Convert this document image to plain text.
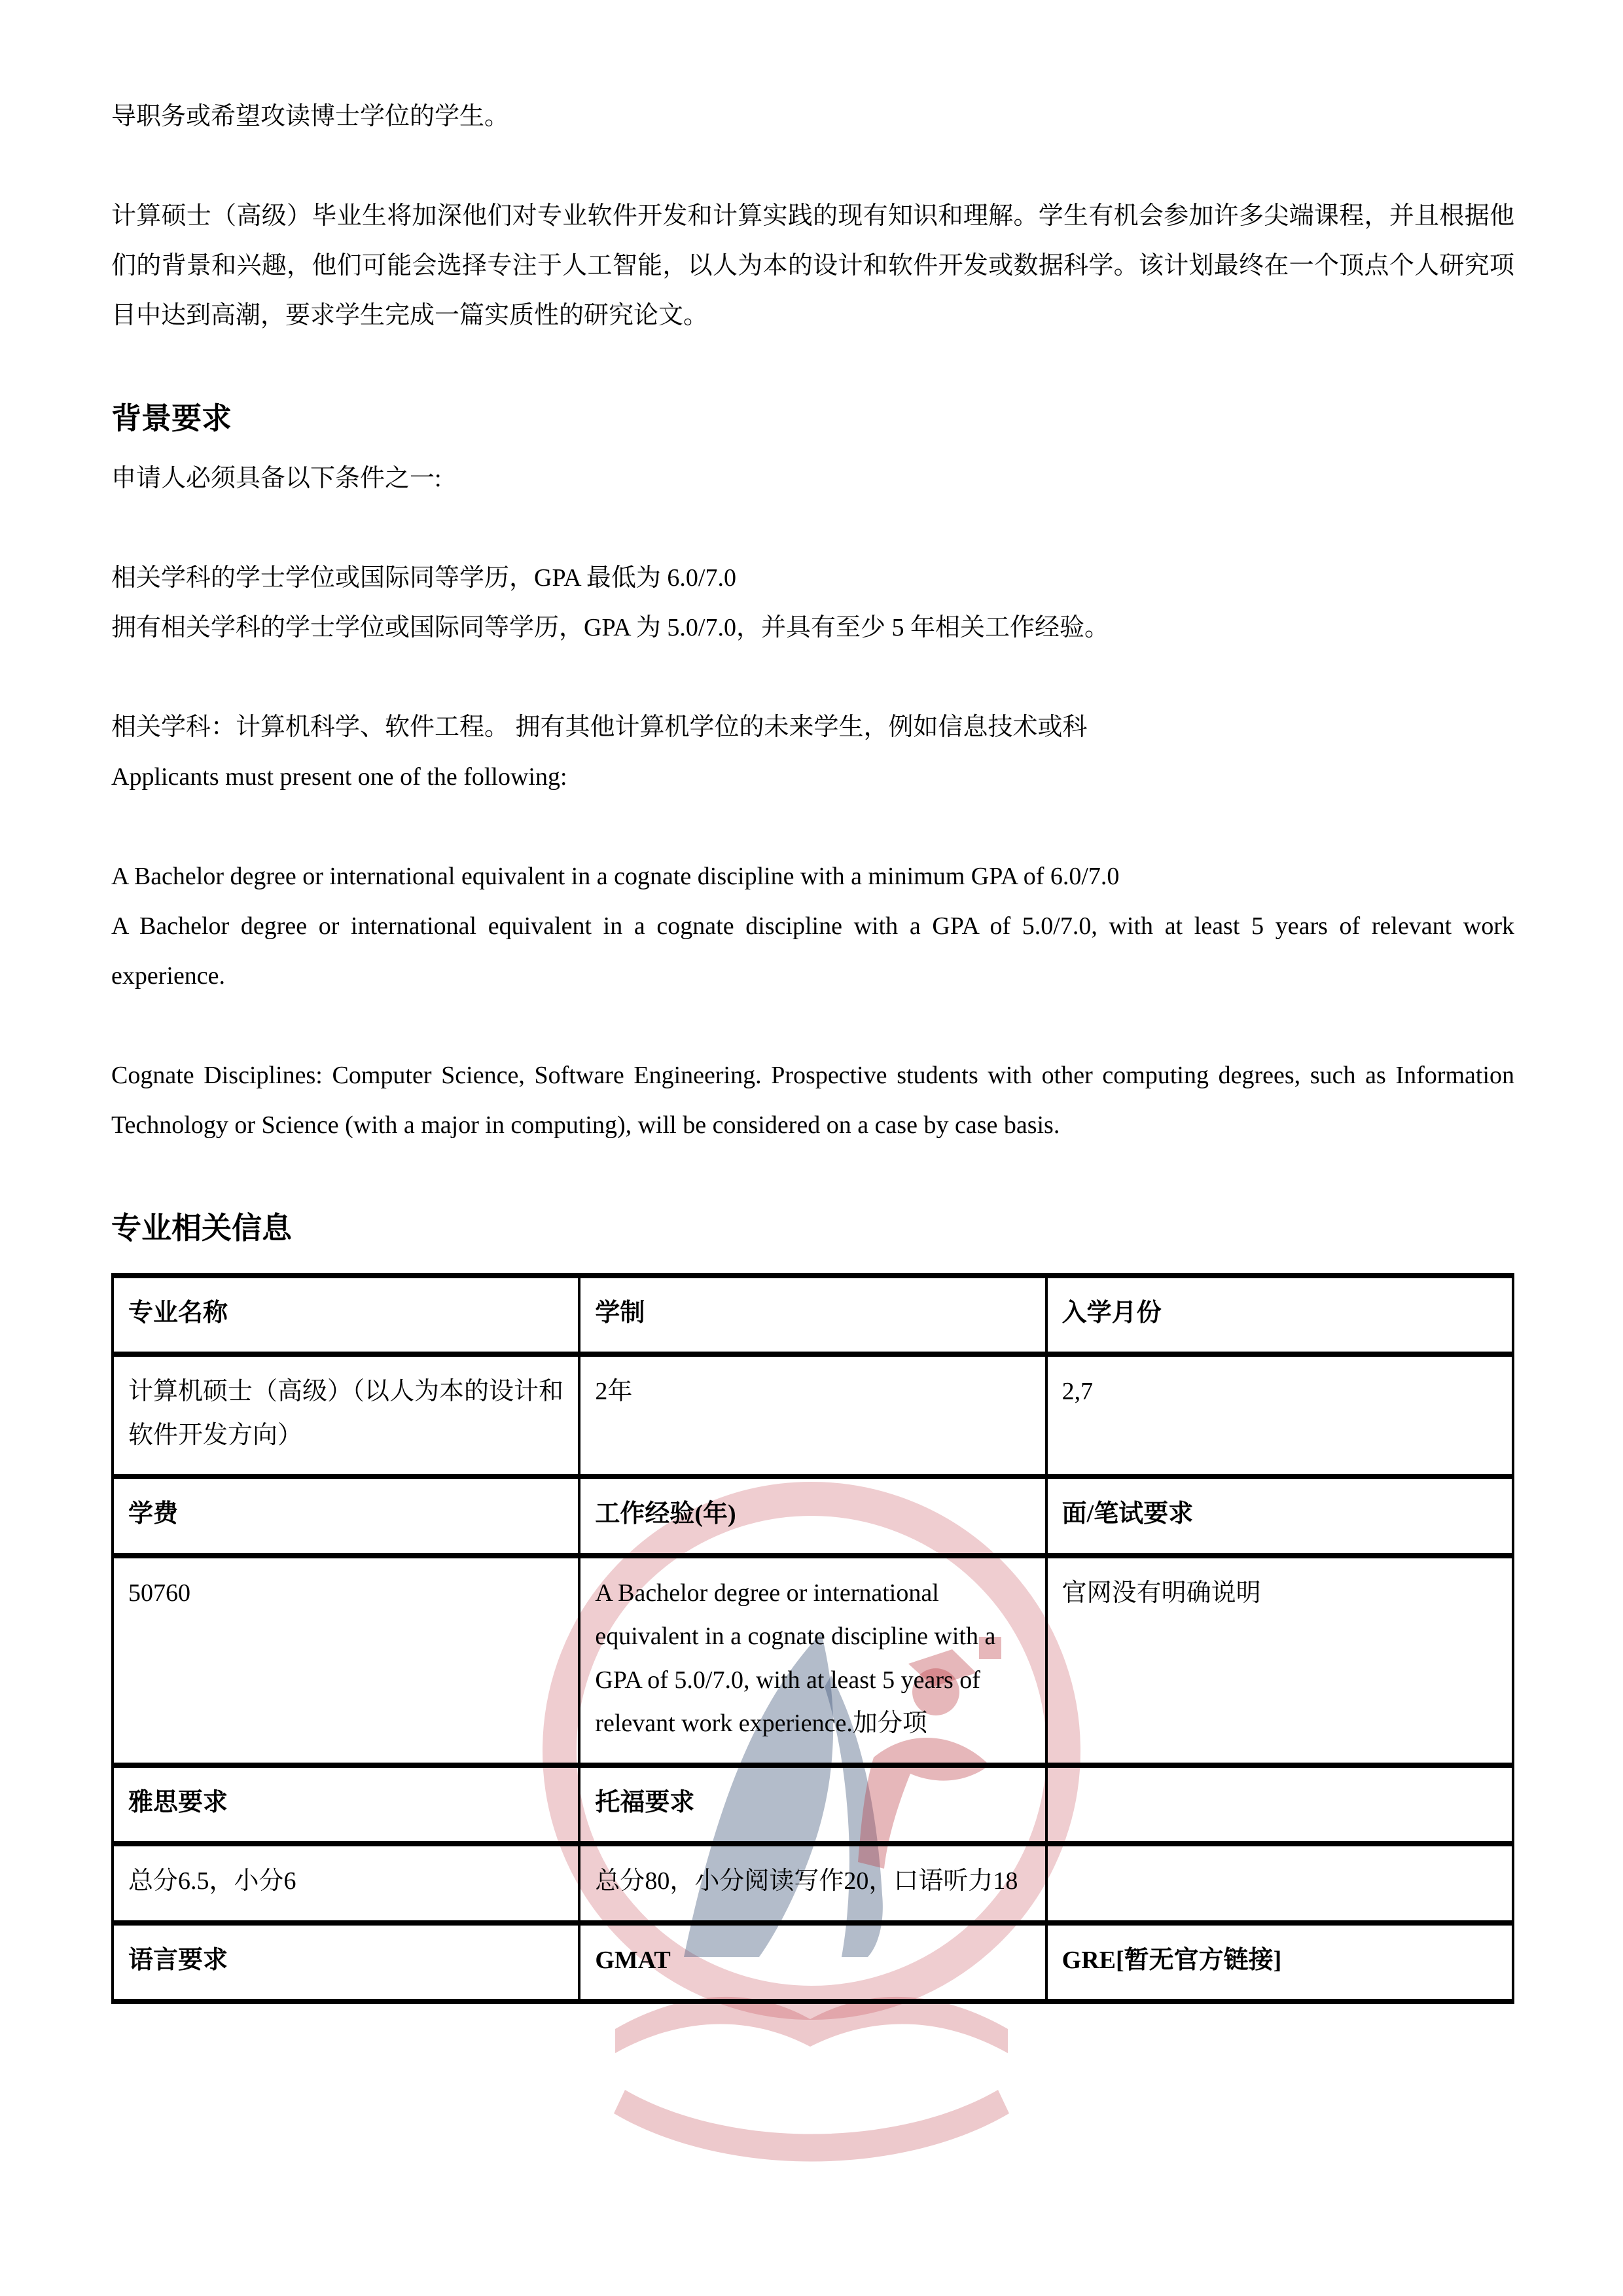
导职务或希望攻读博士学位的学生。

计算硕士（高级）毕业生将加深他们对专业软件开发和计算实践的现有知识和理解。学生有机会参加许多尖端课程，并且根据他们的背景和兴趣，他们可能会选择专注于人工智能，以人为本的设计和软件开发或数据科学。该计划最终在一个顶点个人研究项目中达到高潮，要求学生完成一篇实质性的研究论文。

背景要求

申请人必须具备以下条件之一:

相关学科的学士学位或国际同等学历，GPA 最低为 6.0/7.0

拥有相关学科的学士学位或国际同等学历，GPA 为 5.0/7.0，并具有至少 5 年相关工作经验。

相关学科：计算机科学、软件工程。 拥有其他计算机学位的未来学生，例如信息技术或科

Applicants must present one of the following:

A Bachelor degree or international equivalent in a cognate discipline with a minimum GPA of 6.0/7.0

A Bachelor degree or international equivalent in a cognate discipline with a GPA of 5.0/7.0, with at least 5 years of relevant work experience.

Cognate Disciplines: Computer Science, Software Engineering. Prospective students with other computing degrees, such as Information Technology or Science (with a major in computing), will be considered on a case by case basis.

专业相关信息
专业名称	学制	入学月份
计算机硕士（高级）（以人为本的设计和软件开发方向）	2年	2,7
学费	工作经验(年)	面/笔试要求
50760	A Bachelor degree or international equivalent in a cognate discipline with a GPA of 5.0/7.0, with at least 5 years of relevant work experience.加分项	官网没有明确说明
雅思要求	托福要求	
总分6.5，小分6	总分80，小分阅读写作20，口语听力18	
语言要求	GMAT	GRE[暂无官方链接]
